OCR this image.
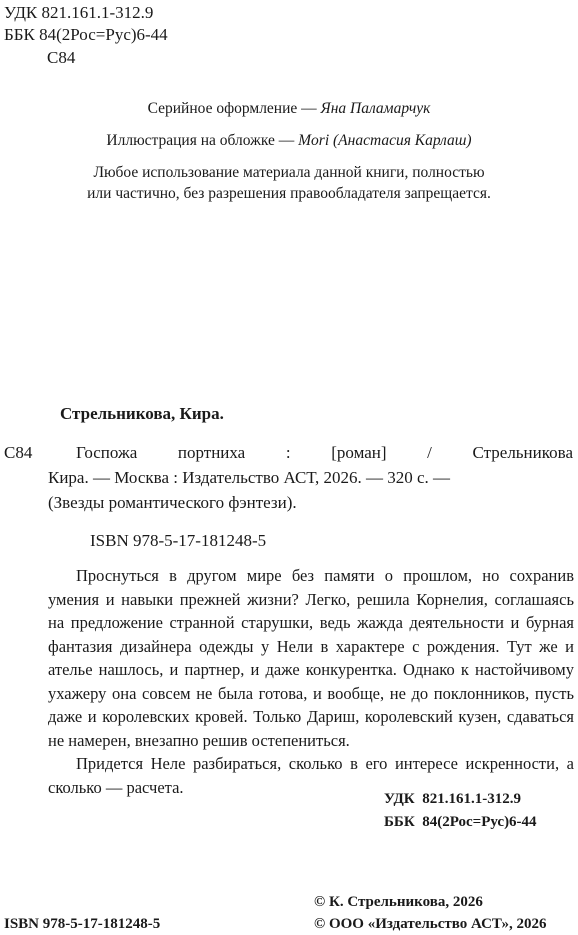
УДК 821.161.1-312.9
ББК 84(2Рос=Рус)6-44
С84
Серийное оформление — Яна Паламарчук
Иллюстрация на обложке — Mori (Анастасия Карлаш)
Любое использование материала данной книги, полностью
или частично, без разрешения правообладателя запрещается.
Стрельникова, Кира.
С84	Госпожа портниха : [роман] / Стрельникова
Кира. — Москва : Издательство АСТ, 2026. — 320 с. —
(Звезды романтического фэнтези).
ISBN 978-5-17-181248-5

Проснуться в другом мире без памяти о прошлом, но сохранив умения и навыки прежней жизни? Легко, решила Корнелия, соглашаясь на предложение странной старушки, ведь жажда деятельности и бурная фантазия дизайнера одежды у Нели в характере с рождения. Тут же и ателье нашлось, и партнер, и даже конкурентка. Однако к настойчивому ухажеру она совсем не была готова, и вообще, не до поклонников, пусть даже и королевских кровей. Только Дариш, королевский кузен, сдаваться не намерен, внезапно решив остепениться.

Придется Неле разбираться, сколько в его интересе искренности, а сколько — расчета.

УДК 821.161.1-312.9
ББК 84(2Рос=Рус)6-44
ISBN 978-5-17-181248-5
© К. Стрельникова, 2026
© ООО «Издательство АСТ», 2026
